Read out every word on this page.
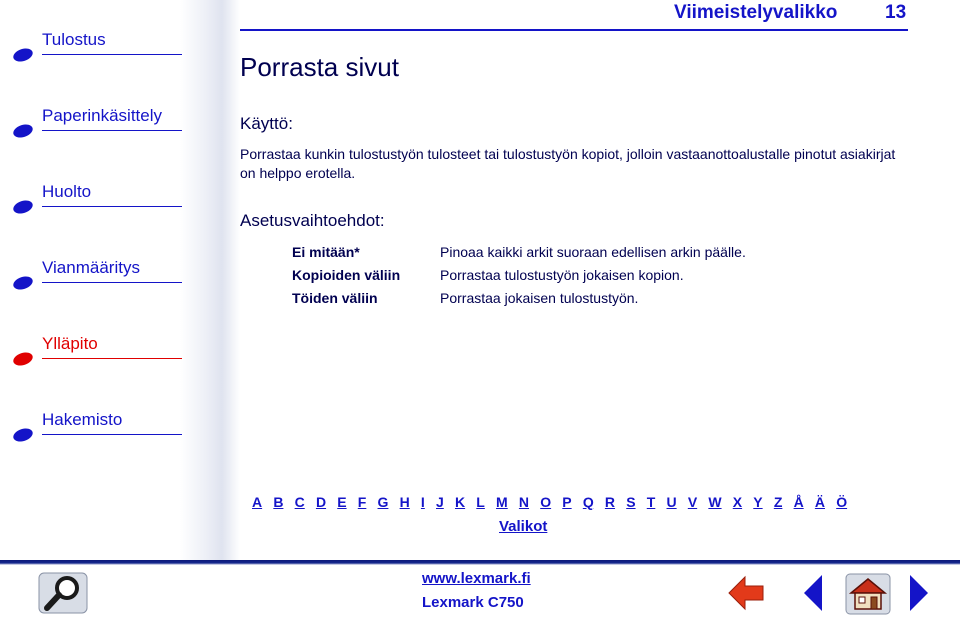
Tulostus
Paperinkäsittely
Huolto
Vianmääritys
Ylläpito
Hakemisto
Viimeistelyvalikko	13
Porrasta sivut
Käyttö:
Porrastaa kunkin tulostustyön tulosteet tai tulostustyön kopiot, jolloin vastaanottoalustalle pinotut asiakirjat on helppo erotella.
Asetusvaihtoehdot:
Ei mitään*	Pinoaa kaikki arkit suoraan edellisen arkin päälle.
Kopioiden väliin	Porrastaa tulostustyön jokaisen kopion.
Töiden väliin	Porrastaa jokaisen tulostustyön.
A B C D E F G H I J K L M N O P Q R S T U V W X Y Z Å Ä Ö
Valikot
www.lexmark.fi
Lexmark C750
